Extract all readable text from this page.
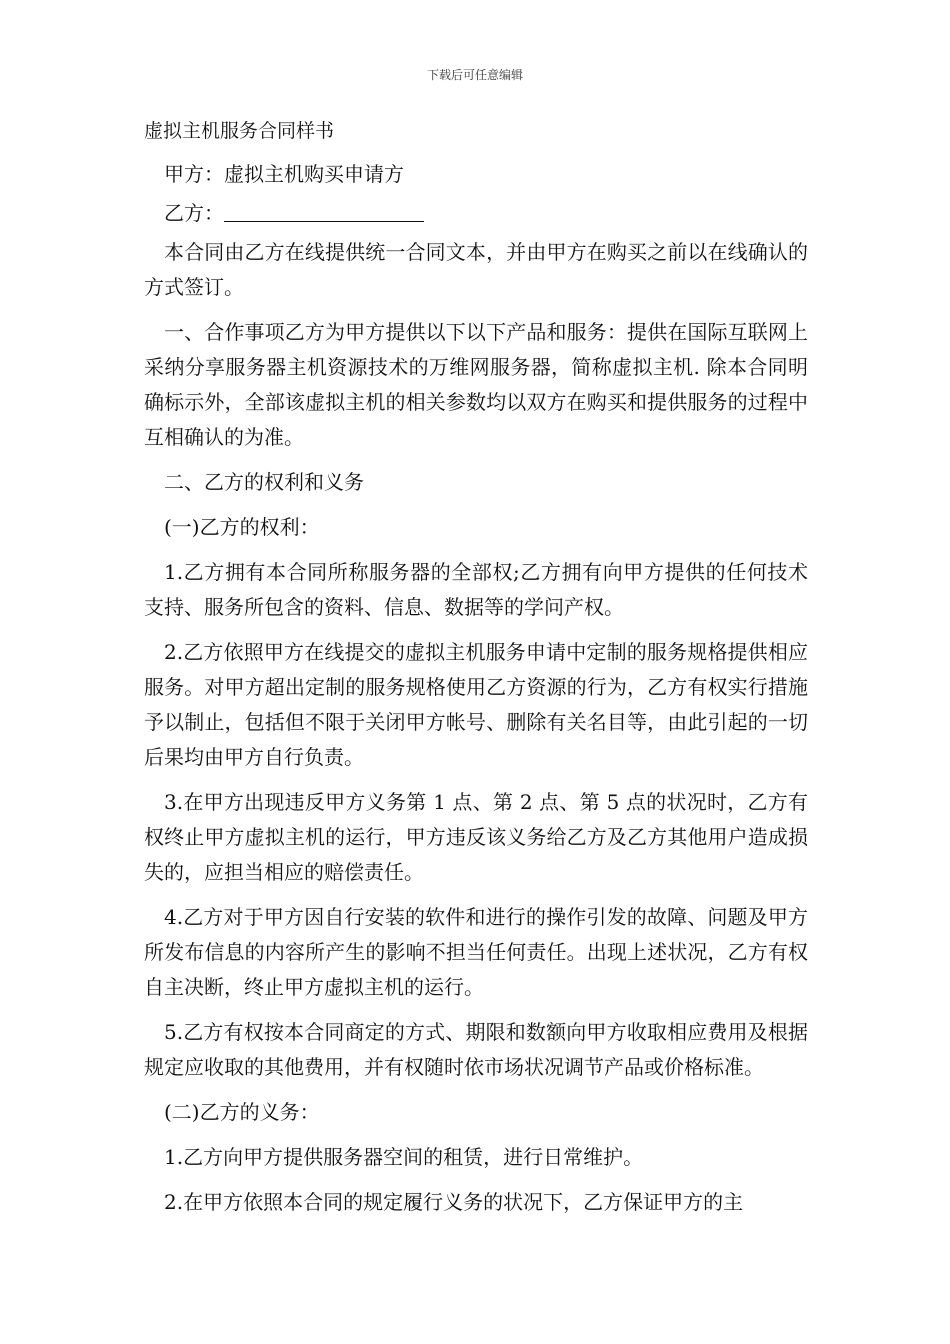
下载后可任意编辑
虚拟主机服务合同样书

甲方：虚拟主机购买申请方

乙方：

本合同由乙方在线提供统一合同文本，并由甲方在购买之前以在线确认的方式签订。

一、合作事项乙方为甲方提供以下以下产品和服务：提供在国际互联网上采纳分享服务器主机资源技术的万维网服务器，简称虚拟主机. 除本合同明确标示外，全部该虚拟主机的相关参数均以双方在购买和提供服务的过程中互相确认的为准。

二、乙方的权利和义务

(一)乙方的权利：

1.乙方拥有本合同所称服务器的全部权;乙方拥有向甲方提供的任何技术支持、服务所包含的资料、信息、数据等的学问产权。

2.乙方依照甲方在线提交的虚拟主机服务申请中定制的服务规格提供相应服务。对甲方超出定制的服务规格使用乙方资源的行为，乙方有权实行措施予以制止，包括但不限于关闭甲方帐号、删除有关名目等，由此引起的一切后果均由甲方自行负责。

3.在甲方出现违反甲方义务第 1 点、第 2 点、第 5 点的状况时，乙方有权终止甲方虚拟主机的运行，甲方违反该义务给乙方及乙方其他用户造成损失的，应担当相应的赔偿责任。

4.乙方对于甲方因自行安装的软件和进行的操作引发的故障、问题及甲方所发布信息的内容所产生的影响不担当任何责任。出现上述状况，乙方有权自主决断，终止甲方虚拟主机的运行。

5.乙方有权按本合同商定的方式、期限和数额向甲方收取相应费用及根据规定应收取的其他费用，并有权随时依市场状况调节产品或价格标准。

(二)乙方的义务：

1.乙方向甲方提供服务器空间的租赁，进行日常维护。

2.在甲方依照本合同的规定履行义务的状况下，乙方保证甲方的主
